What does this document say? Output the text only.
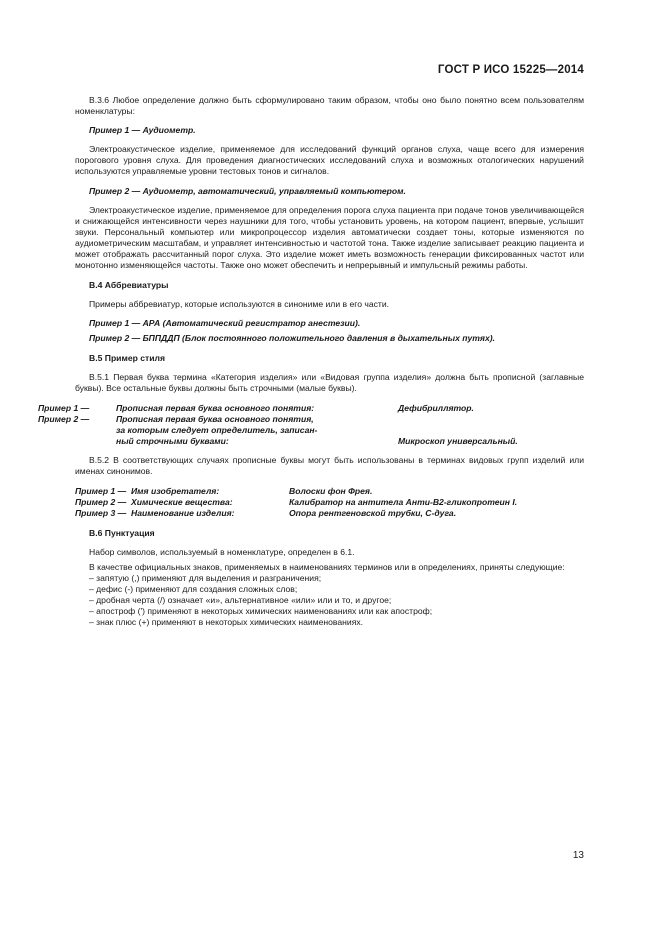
ГОСТ Р ИСО 15225—2014

B.3.6 Любое определение должно быть сформулировано таким образом, чтобы оно было понятно всем пользователям номенклатуры:

Пример 1 — Аудиометр.

Электроакустическое изделие, применяемое для исследований функций органов слуха, чаще всего для измерения порогового уровня слуха. Для проведения диагностических исследований слуха и возможных отологических нарушений используются управляемые уровни тестовых тонов и сигналов.

Пример 2 — Аудиометр, автоматический, управляемый компьютером.

Электроакустическое изделие, применяемое для определения порога слуха пациента при подаче тонов увеличивающейся и снижающейся интенсивности через наушники для того, чтобы установить уровень, на котором пациент, впервые, услышит звуки. Персональный компьютер или микропроцессор изделия автоматически создает тоны, которые изменяются по аудиометрическим масштабам, и управляет интенсивностью и частотой тона. Также изделие записывает реакцию пациента и может отображать рассчитанный порог слуха. Это изделие может иметь возможность генерации фиксированных частот или монотонно изменяющейся частоты. Также оно может обеспечить и непрерывный и импульсный режимы работы.

B.4 Аббревиатуры

Примеры аббревиатур, которые используются в синониме или в его части.

Пример 1 — АРА (Автоматический регистратор анестезии).

Пример 2 — БППДДП (Блок постоянного положительного давления в дыхательных путях).

B.5 Пример стиля

B.5.1 Первая буква термина «Категория изделия» или «Видовая группа изделия» должна быть прописной (заглавные буквы). Все остальные буквы должны быть строчными (малые буквы).

Пример 1 —	Прописная первая буква основного понятия:	Дефибриллятор.
Пример 2 —	Прописная первая буква основного понятия,	
	за которым следует определитель, записан-	
	ный строчными буквами:	Микроскоп универсальный.

B.5.2 В соответствующих случаях прописные буквы могут быть использованы в терминах видовых групп изделий или именах синонимов.

Пример 1 —	Имя изобретателя:	Волоски фон Фрея.
Пример 2 —	Химические вещества:	Калибратор на антитела Анти-B2-гликопротеин I.
Пример 3 —	Наименование изделия:	Опора рентгеновской трубки, С-дуга.

B.6 Пунктуация

Набор символов, используемый в номенклатуре, определен в 6.1.

В качестве официальных знаков, применяемых в наименованиях терминов или в определениях, приняты следующие:

– запятую (,) применяют для выделения и разграничения;

– дефис (-) применяют для создания сложных слов;

– дробная черта (/) означает «и», альтернативное «или» или и то, и другое;

– апостроф (') применяют в некоторых химических наименованиях или как апостроф;

– знак плюс (+) применяют в некоторых химических наименованиях.

13
